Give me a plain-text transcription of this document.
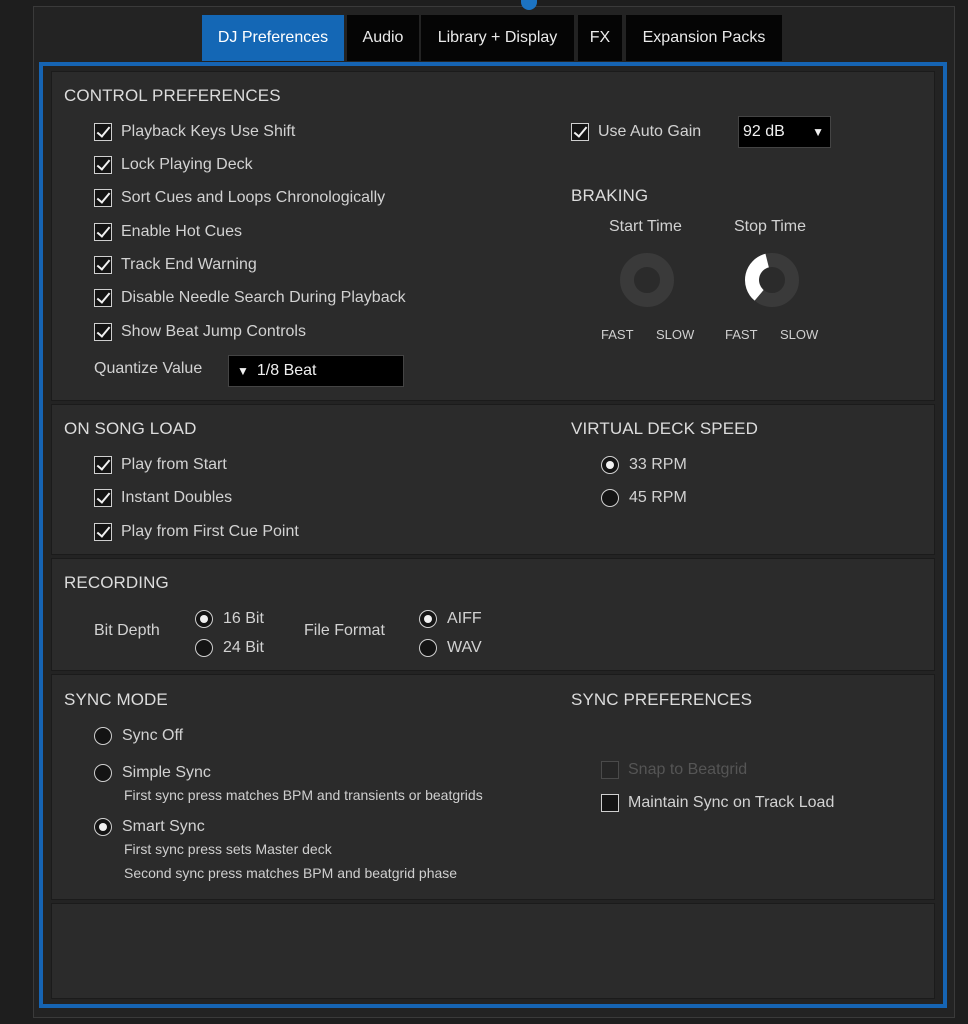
DJ Preferences	Audio	Library + Display	FX	Expansion Packs
CONTROL PREFERENCES
Playback Keys Use Shift
Lock Playing Deck
Sort Cues and Loops Chronologically
Enable Hot Cues
Track End Warning
Disable Needle Search During Playback
Show Beat Jump Controls
Quantize Value	▼ 1/8 Beat
Use Auto Gain	92 dB ▼
BRAKING
Start Time	Stop Time
FAST SLOW FAST SLOW
ON SONG LOAD
Play from Start
Instant Doubles
Play from First Cue Point
VIRTUAL DECK SPEED
33 RPM
45 RPM
RECORDING
Bit Depth
16 Bit
24 Bit
File Format
AIFF
WAV
SYNC MODE
Sync Off
Simple Sync
First sync press matches BPM and transients or beatgrids
Smart Sync
First sync press sets Master deck
Second sync press matches BPM and beatgrid phase
SYNC PREFERENCES
Snap to Beatgrid
Maintain Sync on Track Load
